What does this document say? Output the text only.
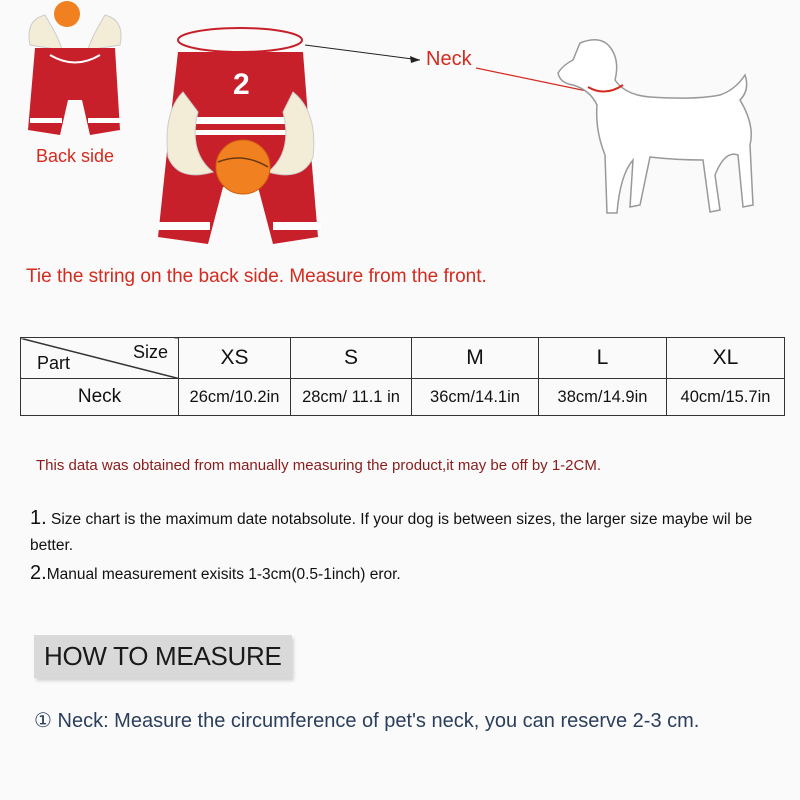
Back side
2
Neck
Tie the string on the back side. Measure from the front.
Size
Part	XS	S	M	L	XL
Neck	26cm/10.2in	28cm/ 11.1 in	36cm/14.1in	38cm/14.9in	40cm/15.7in
This data was obtained from manually measuring the product,it may be off by 1-2CM.
1. Size chart is the maximum date notabsolute. If your dog is between sizes, the larger size maybe wil be better.
2.Manual measurement exisits 1-3cm(0.5-1inch) eror.
HOW TO MEASURE
① Neck: Measure the circumference of pet's neck, you can reserve 2-3 cm.
